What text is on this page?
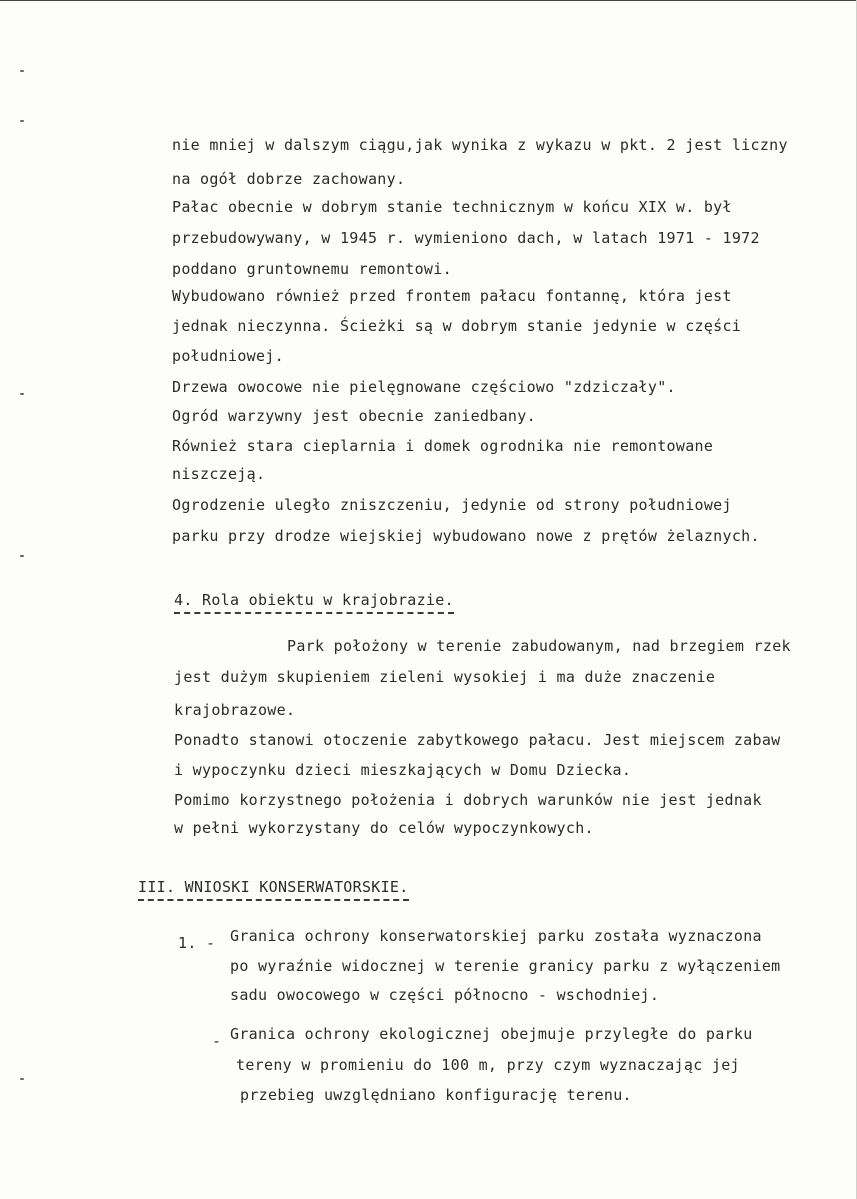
nie mniej w dalszym ciągu,jak wynika z wykazu w pkt. 2 jest liczny
na ogół dobrze zachowany.
Pałac obecnie w dobrym stanie technicznym w końcu XIX w. był
przebudowywany, w 1945 r. wymieniono dach, w latach 1971 - 1972
poddano gruntownemu remontowi.
Wybudowano również przed frontem pałacu fontannę, która jest
jednak nieczynna. Ścieżki są w dobrym stanie jedynie w części
południowej.
Drzewa owocowe nie pielęgnowane częściowo "zdziczały".
Ogród warzywny jest obecnie zaniedbany.
Również stara cieplarnia i domek ogrodnika nie remontowane
niszczeją.
Ogrodzenie uległo zniszczeniu, jedynie od strony południowej
parku przy drodze wiejskiej wybudowano nowe z prętów żelaznych.
4. Rola obiektu w krajobrazie.
Park położony w terenie zabudowanym, nad brzegiem rzek
jest dużym skupieniem zieleni wysokiej i ma duże znaczenie
krajobrazowe.
Ponadto stanowi otoczenie zabytkowego pałacu. Jest miejscem zabaw
i wypoczynku dzieci mieszkających w Domu Dziecka.
Pomimo korzystnego położenia i dobrych warunków nie jest jednak
w pełni wykorzystany do celów wypoczynkowych.
III. WNIOSKI KONSERWATORSKIE.
1. - Granica ochrony konserwatorskiej parku została wyznaczona
po wyraźnie widocznej w terenie granicy parku z wyłączeniem
sadu owocowego w części północno - wschodniej.
- Granica ochrony ekologicznej obejmuje przyległe do parku
tereny w promieniu do 100 m, przy czym wyznaczając jej
przebieg uwzględniano konfigurację terenu.
